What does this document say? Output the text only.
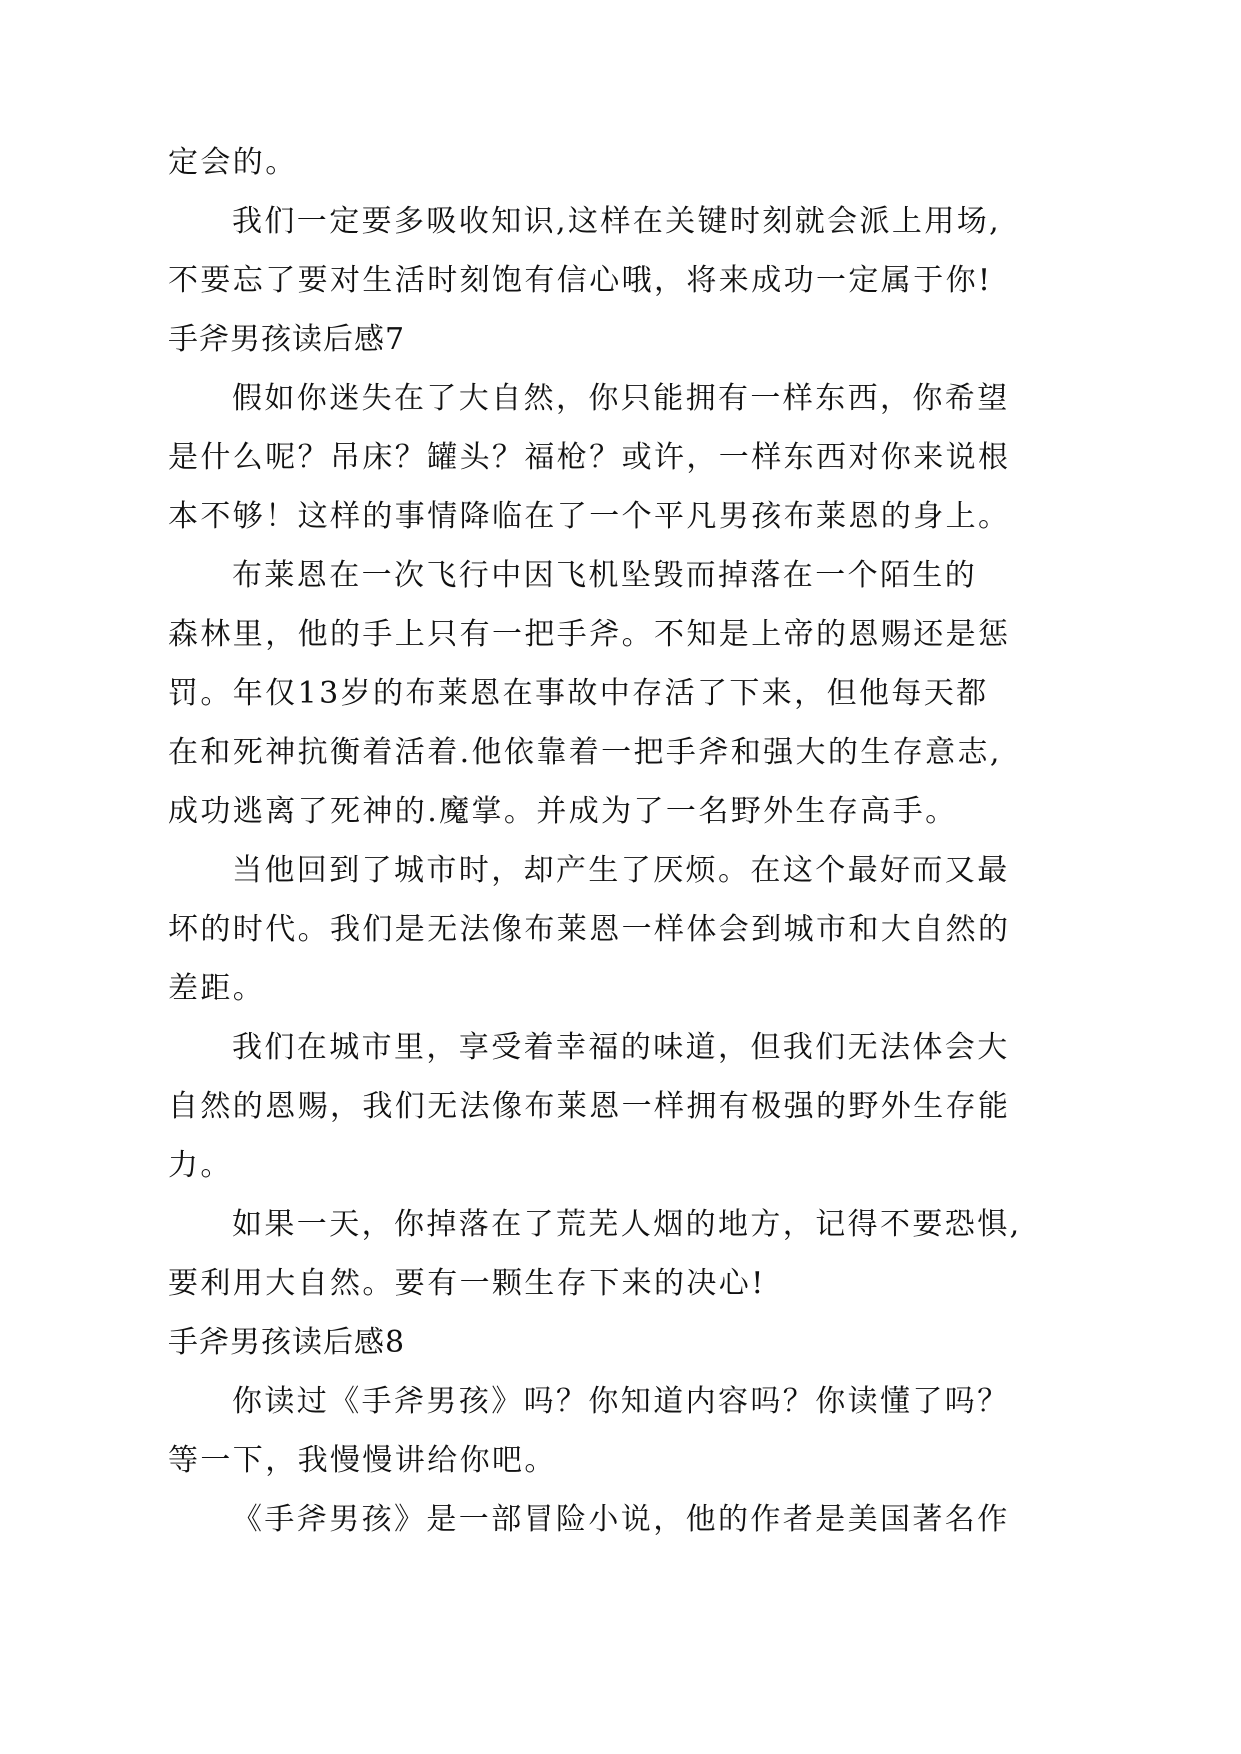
定会的。
我们一定要多吸收知识,这样在关键时刻就会派上用场,
不要忘了要对生活时刻饱有信心哦，将来成功一定属于你!
手斧男孩读后感7
假如你迷失在了大自然，你只能拥有一样东西，你希望
是什么呢？吊床？罐头？福枪？或许，一样东西对你来说根
本不够！这样的事情降临在了一个平凡男孩布莱恩的身上。
布莱恩在一次飞行中因飞机坠毁而掉落在一个陌生的
森林里，他的手上只有一把手斧。不知是上帝的恩赐还是惩
罚。年仅13岁的布莱恩在事故中存活了下来，但他每天都
在和死神抗衡着活着.他依靠着一把手斧和强大的生存意志,
成功逃离了死神的.魔掌。并成为了一名野外生存高手。
当他回到了城市时，却产生了厌烦。在这个最好而又最
坏的时代。我们是无法像布莱恩一样体会到城市和大自然的
差距。
我们在城市里，享受着幸福的味道，但我们无法体会大
自然的恩赐，我们无法像布莱恩一样拥有极强的野外生存能
力。
如果一天，你掉落在了荒芜人烟的地方，记得不要恐惧,
要利用大自然。要有一颗生存下来的决心!
手斧男孩读后感8
你读过《手斧男孩》吗？你知道内容吗？你读懂了吗？
等一下，我慢慢讲给你吧。
《手斧男孩》是一部冒险小说，他的作者是美国著名作
